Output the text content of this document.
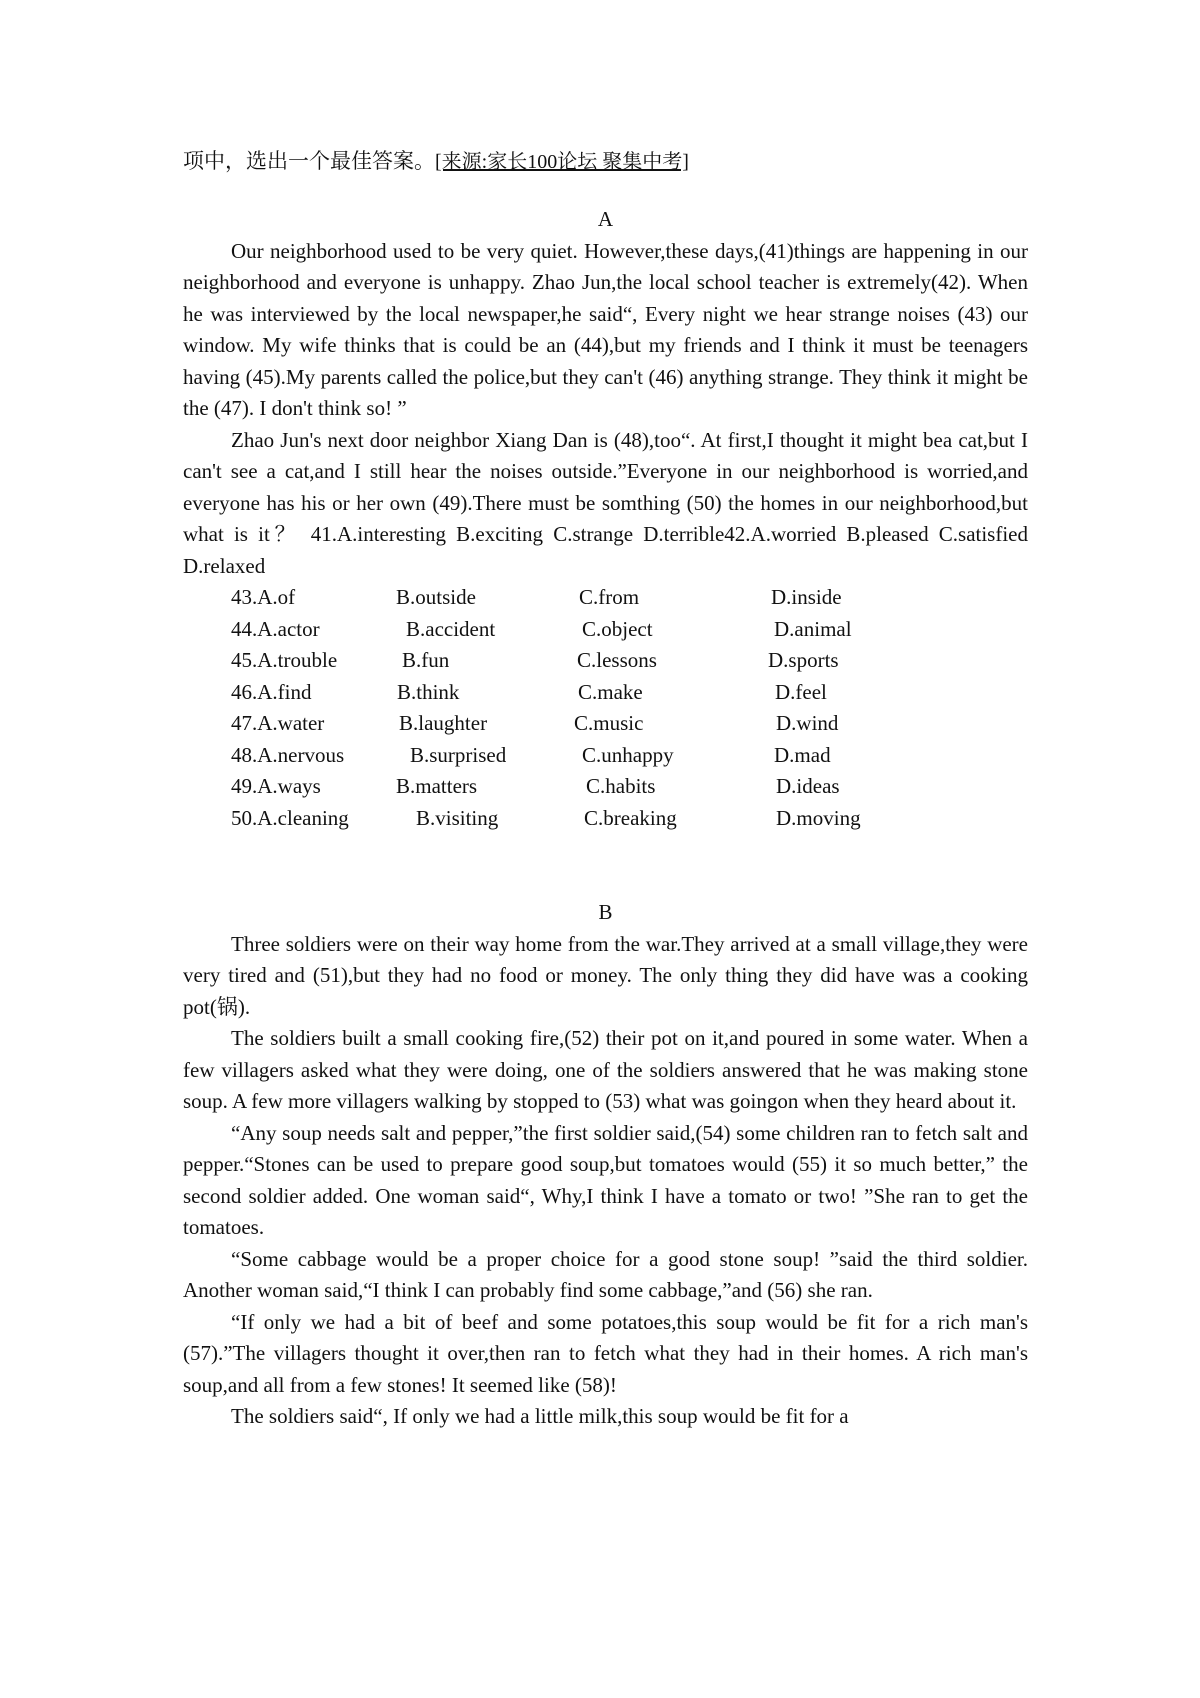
项中，选出一个最佳答案。[来源:家长100论坛 聚集中考]
A

Our neighborhood used to be very quiet. However,these days,(41)things are happening in our neighborhood and everyone is unhappy. Zhao Jun,the local school teacher is extremely(42). When he was interviewed by the local newspaper,he said“, Every night we hear strange noises (43) our window. My wife thinks that is could be an (44),but my friends and I think it must be teenagers having (45).My parents called the police,but they can't (46) anything strange. They think it might be the (47). I don't think so! ”

Zhao Jun's next door neighbor Xiang Dan is (48),too“. At first,I thought it might bea cat,but I can't see a cat,and I still hear the noises outside.”Everyone in our neighborhood is worried,and everyone has his or her own (49).There must be somthing (50) the homes in our neighborhood,but what is it？ 41.A.interesting B.exciting C.strange D.terrible42.A.worried B.pleased C.satisfied D.relaxed

43.A.of	B.outside	C.from	D.inside
44.A.actor	B.accident	C.object	D.animal
45.A.trouble	B.fun	C.lessons	D.sports
46.A.find	B.think	C.make	D.feel
47.A.water	B.laughter	C.music	D.wind
48.A.nervous	B.surprised	C.unhappy	D.mad
49.A.ways	B.matters	C.habits	D.ideas
50.A.cleaning	B.visiting	C.breaking	D.moving
B

Three soldiers were on their way home from the war.They arrived at a small village,they were very tired and (51),but they had no food or money. The only thing they did have was a cooking pot(锅).

The soldiers built a small cooking fire,(52) their pot on it,and poured in some water. When a few villagers asked what they were doing, one of the soldiers answered that he was making stone soup. A few more villagers walking by stopped to (53) what was goingon when they heard about it.

“Any soup needs salt and pepper,”the first soldier said,(54) some children ran to fetch salt and pepper.“Stones can be used to prepare good soup,but tomatoes would (55) it so much better,” the second soldier added. One woman said“, Why,I think I have a tomato or two! ”She ran to get the tomatoes.

“Some cabbage would be a proper choice for a good stone soup! ”said the third soldier. Another woman said,“I think I can probably find some cabbage,”and (56) she ran.

“If only we had a bit of beef and some potatoes,this soup would be fit for a rich man's (57).”The villagers thought it over,then ran to fetch what they had in their homes. A rich man's soup,and all from a few stones! It seemed like (58)!

The soldiers said“, If only we had a little milk,this soup would be fit for a
